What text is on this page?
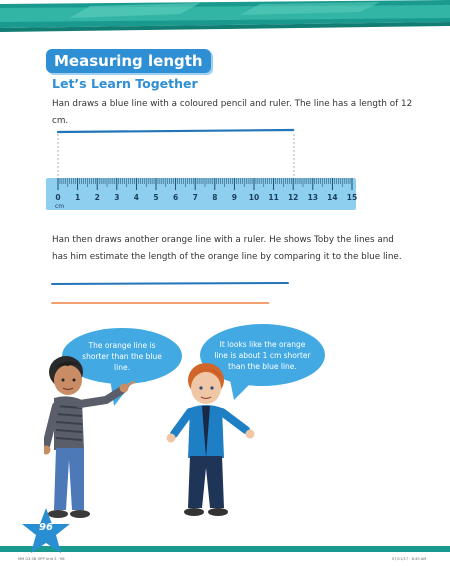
Measuring length
Let’s Learn Together
Han draws a blue line with a coloured pencil and ruler. The line has a length of 12 cm.
0 1 2 3 4 5 6 7 8 9 10 11 12 13 14 15
cm
Han then draws another orange line with a ruler. He shows Toby the lines and has him estimate the length of the orange line by comparing it to the blue line.
The orange line is shorter than the blue line.
It looks like the orange line is about 1 cm shorter than the blue line.
96
MM G3 SB OPP Unit 5 · 96	07/11/17 · 8:49 AM
